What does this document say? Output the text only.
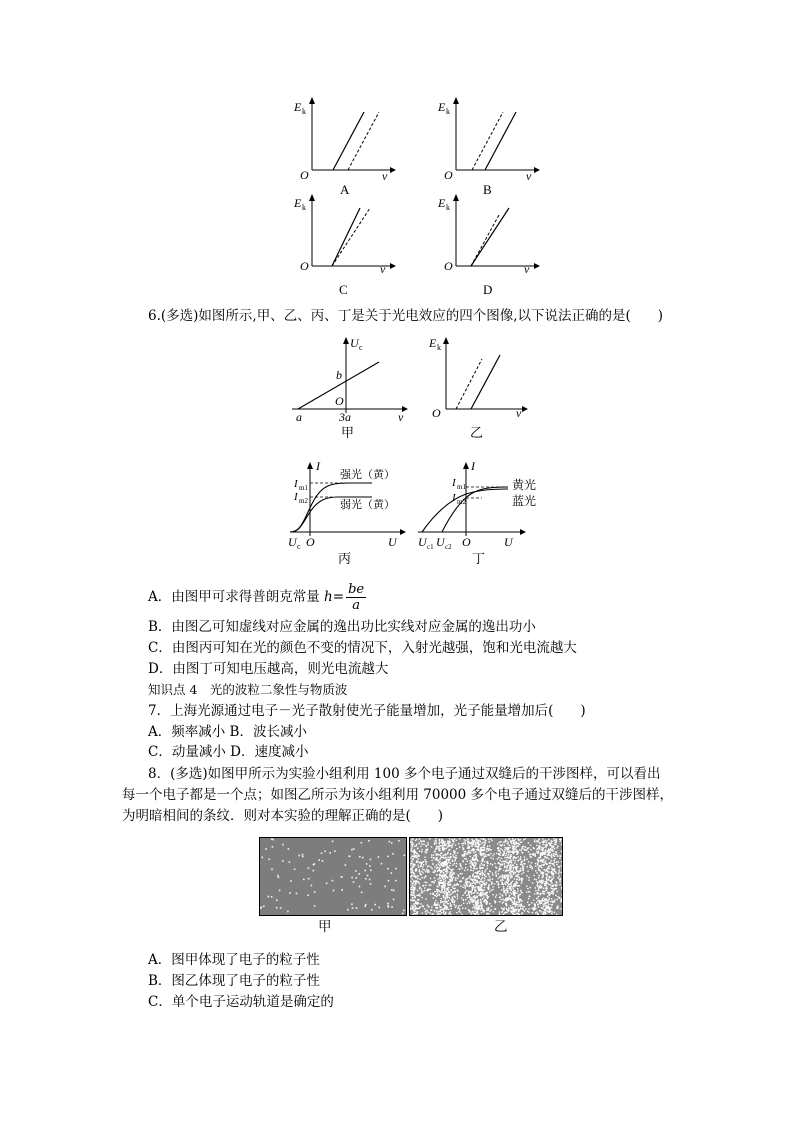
E k
O	ν
A
E k
O	ν
B
E k
O	ν
C
E k
O	ν
D
6.(多选)如图所示,甲、乙、丙、丁是关于光电效应的四个图像,以下说法正确的是(　　)
U c
b
O
a	3a	ν
甲
E k
O	ν
乙
I
I m1
I m2
强光（黄）
弱光（黄）
U c O	U
丙
I
I m1
I m2
黄光
蓝光
U c1 U c2 O	U
丁
A．由图甲可求得普朗克常量 $h= \frac{be}{a}$
B．由图乙可知虚线对应金属的逸出功比实线对应金属的逸出功小
C．由图丙可知在光的颜色不变的情况下，入射光越强，饱和光电流越大
D．由图丁可知电压越高，则光电流越大
知识点 4　光的波粒二象性与物质波
7．上海光源通过电子－光子散射使光子能量增加，光子能量增加后(　　)
A．频率减小 B．波长减小
C．动量减小 D．速度减小
8．(多选)如图甲所示为实验小组利用 100 多个电子通过双缝后的干涉图样，可以看出
每一个电子都是一个点；如图乙所示为该小组利用 70000 多个电子通过双缝后的干涉图样，
为明暗相间的条纹．则对本实验的理解正确的是(　　)
甲	乙
A．图甲体现了电子的粒子性
B．图乙体现了电子的粒子性
C．单个电子运动轨道是确定的
